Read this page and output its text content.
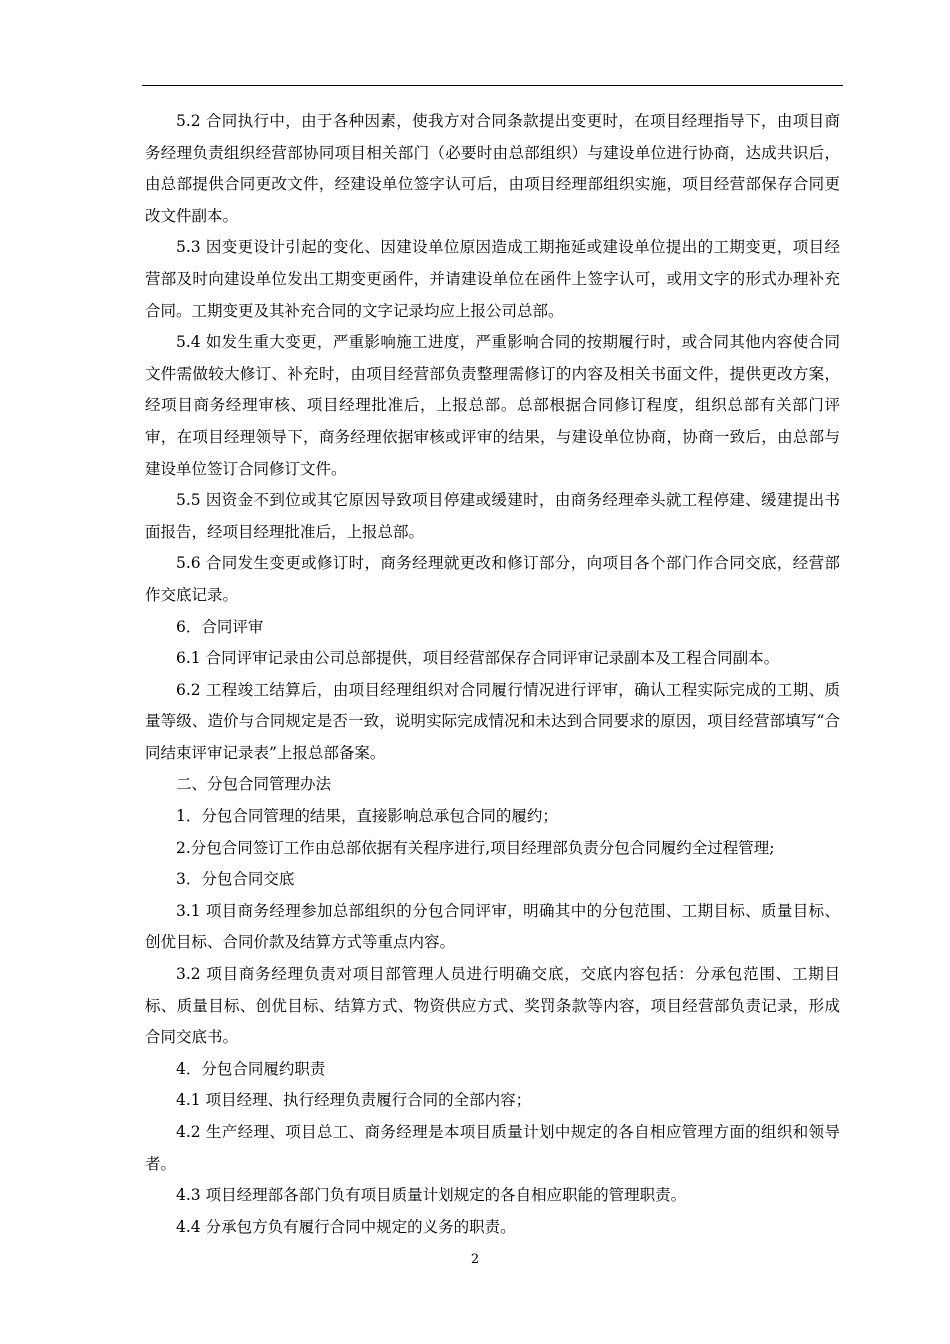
5.2 合同执行中，由于各种因素，使我方对合同条款提出变更时，在项目经理指导下，由项目商务经理负责组织经营部协同项目相关部门（必要时由总部组织）与建设单位进行协商，达成共识后，由总部提供合同更改文件，经建设单位签字认可后，由项目经理部组织实施，项目经营部保存合同更改文件副本。

5.3 因变更设计引起的变化、因建设单位原因造成工期拖延或建设单位提出的工期变更，项目经营部及时向建设单位发出工期变更函件，并请建设单位在函件上签字认可，或用文字的形式办理补充合同。工期变更及其补充合同的文字记录均应上报公司总部。

5.4 如发生重大变更，严重影响施工进度，严重影响合同的按期履行时，或合同其他内容使合同文件需做较大修订、补充时，由项目经营部负责整理需修订的内容及相关书面文件，提供更改方案，经项目商务经理审核、项目经理批准后，上报总部。总部根据合同修订程度，组织总部有关部门评审，在项目经理领导下，商务经理依据审核或评审的结果，与建设单位协商，协商一致后，由总部与建设单位签订合同修订文件。

5.5 因资金不到位或其它原因导致项目停建或缓建时，由商务经理牵头就工程停建、缓建提出书面报告，经项目经理批准后，上报总部。

5.6 合同发生变更或修订时，商务经理就更改和修订部分，向项目各个部门作合同交底，经营部作交底记录。

6．合同评审

6.1 合同评审记录由公司总部提供，项目经营部保存合同评审记录副本及工程合同副本。

6.2 工程竣工结算后，由项目经理组织对合同履行情况进行评审，确认工程实际完成的工期、质量等级、造价与合同规定是否一致，说明实际完成情况和未达到合同要求的原因，项目经营部填写“合同结束评审记录表”上报总部备案。

二、分包合同管理办法

1．分包合同管理的结果，直接影响总承包合同的履约；

2.分包合同签订工作由总部依据有关程序进行,项目经理部负责分包合同履约全过程管理;

3．分包合同交底

3.1 项目商务经理参加总部组织的分包合同评审，明确其中的分包范围、工期目标、质量目标、创优目标、合同价款及结算方式等重点内容。

3.2 项目商务经理负责对项目部管理人员进行明确交底，交底内容包括：分承包范围、工期目标、质量目标、创优目标、结算方式、物资供应方式、奖罚条款等内容，项目经营部负责记录，形成合同交底书。

4．分包合同履约职责

4.1 项目经理、执行经理负责履行合同的全部内容；

4.2 生产经理、项目总工、商务经理是本项目质量计划中规定的各自相应管理方面的组织和领导者。

4.3 项目经理部各部门负有项目质量计划规定的各自相应职能的管理职责。

4.4 分承包方负有履行合同中规定的义务的职责。

2
